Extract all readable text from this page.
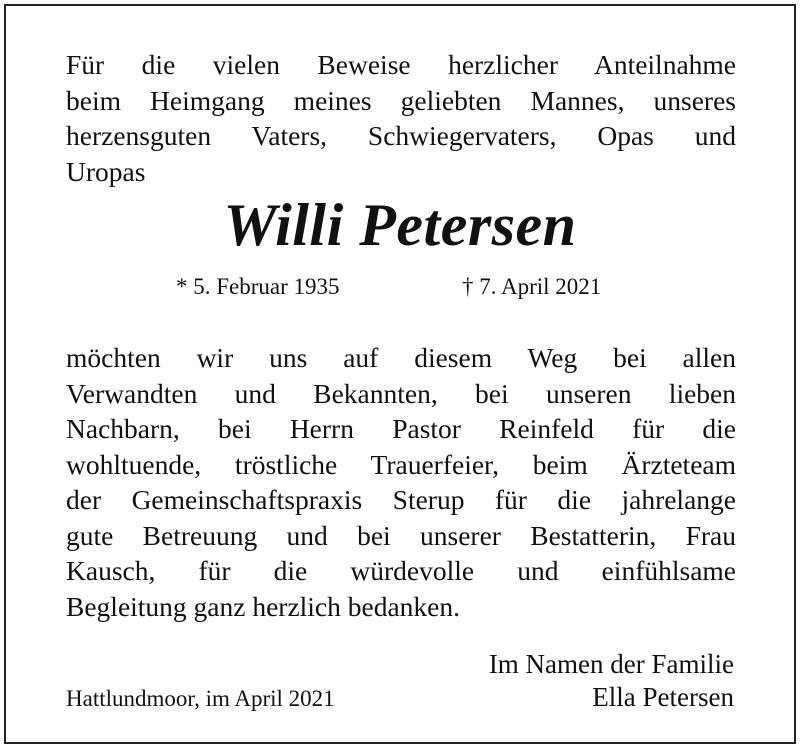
Für die vielen Beweise herzlicher Anteilnahme
beim Heimgang meines geliebten Mannes, unseres
herzensguten Vaters, Schwiegervaters, Opas und
Uropas
Willi Petersen
* 5. Februar 1935	† 7. April 2021
möchten wir uns auf diesem Weg bei allen
Verwandten und Bekannten, bei unseren lieben
Nachbarn, bei Herrn Pastor Reinfeld für die
wohltuende, tröstliche Trauerfeier, beim Ärzteteam
der Gemeinschaftspraxis Sterup für die jahrelange
gute Betreuung und bei unserer Bestatterin, Frau
Kausch, für die würdevolle und einfühlsame
Begleitung ganz herzlich bedanken.
Im Namen der Familie
Ella Petersen
Hattlundmoor, im April 2021
